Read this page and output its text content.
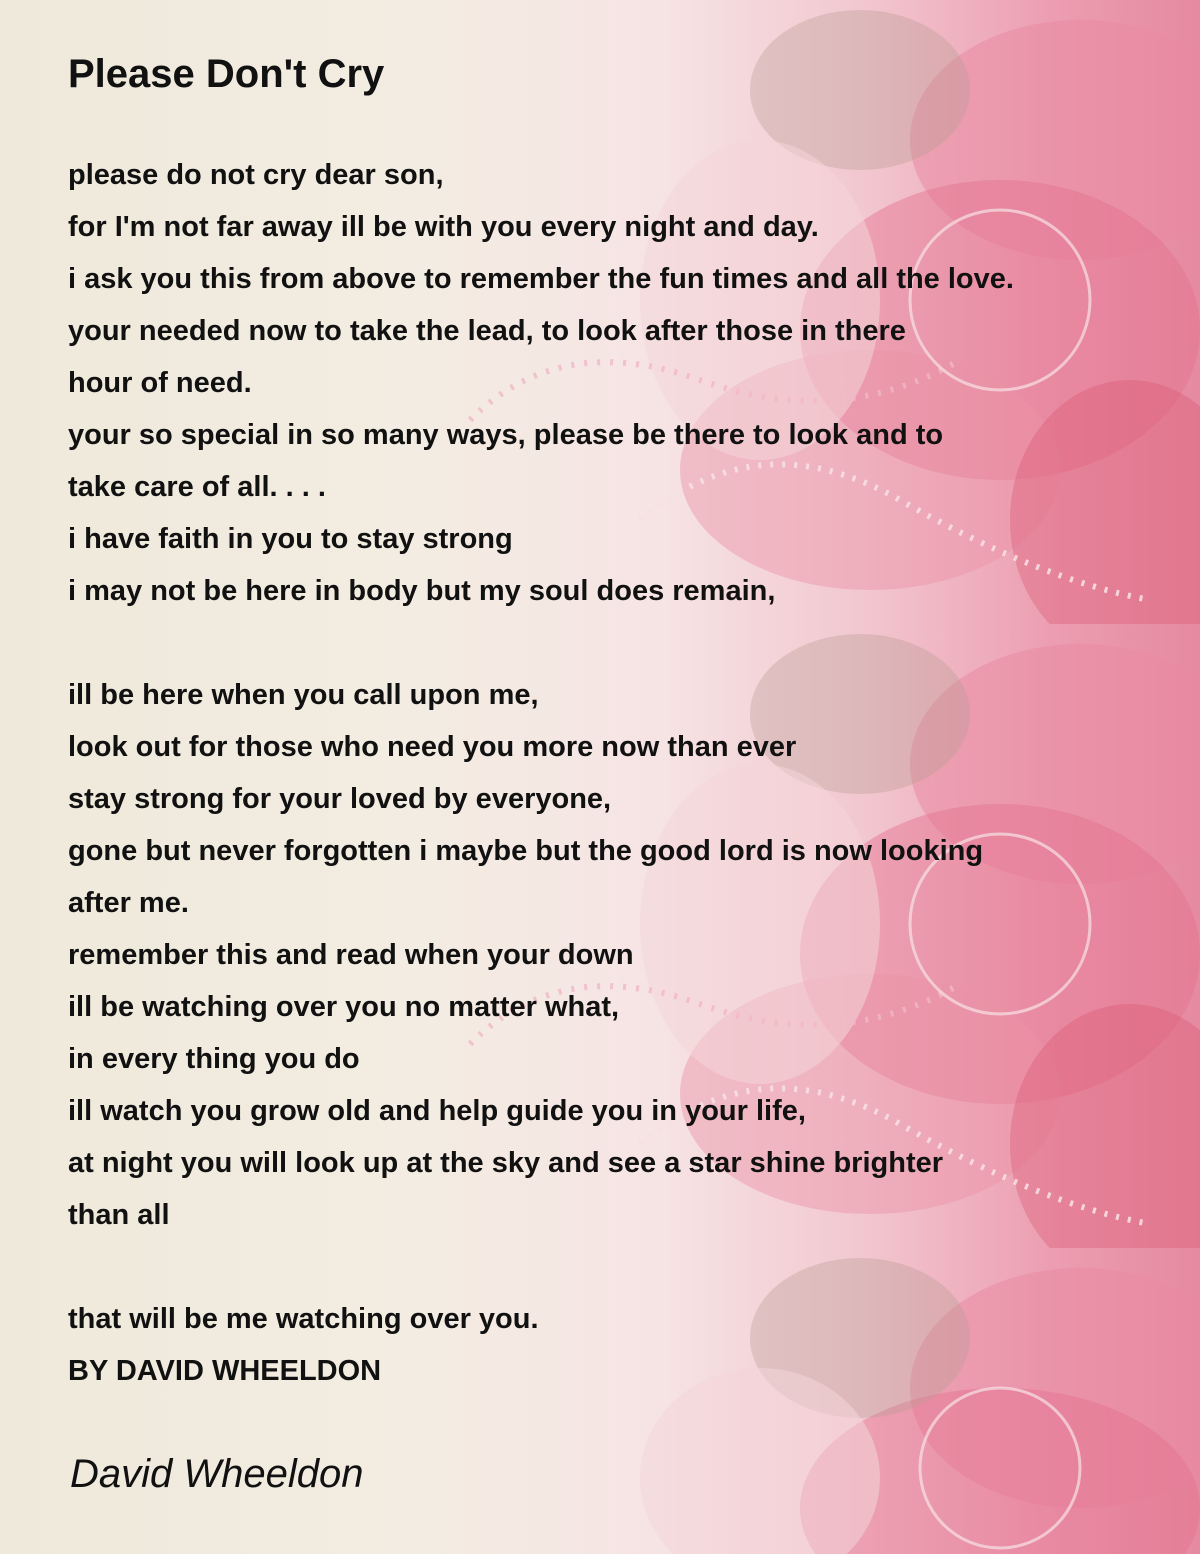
Please Don't Cry
please do not cry dear son,
for I'm not far away ill be with you every night and day.
i ask you this from above to remember the fun times and all the love.
your needed now to take the lead, to look after those in there
hour of need.
your so special in so many ways, please be there to look and to
take care of all. . . .
i have faith in you to stay strong
i may not be here in body but my soul does remain,
ill be here when you call upon me,
look out for those who need you more now than ever
stay strong for your loved by everyone,
gone but never forgotten i maybe but the good lord is now looking
after me.
remember this and read when your down
ill be watching over you no matter what,
in every thing you do
ill watch you grow old and help guide you in your life,
at night you will look up at the sky and see a star shine brighter
than all
that will be me watching over you.
BY DAVID WHEELDON

David Wheeldon
